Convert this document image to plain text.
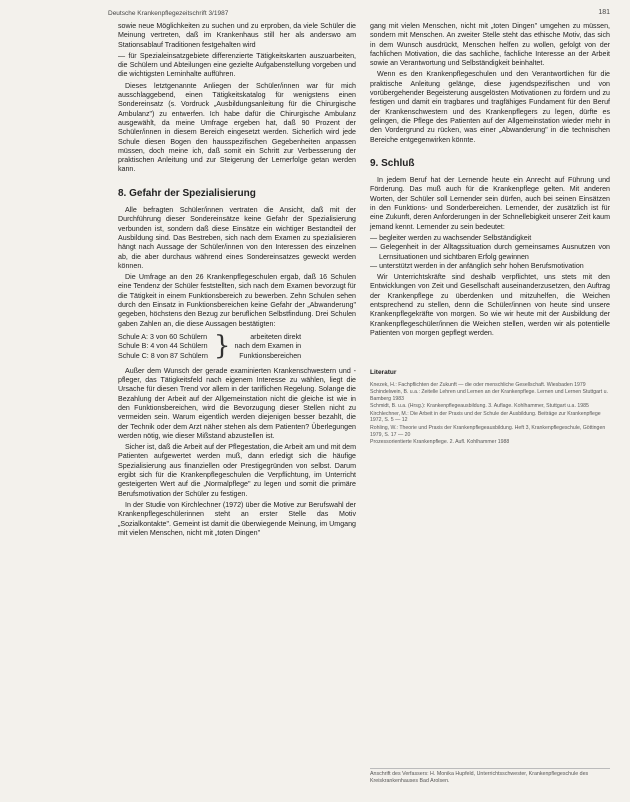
Deutsche Krankenpflegezeitschrift 3/1987	181

sowie neue Möglichkeiten zu suchen und zu erproben, da viele Schüler die Meinung vertreten, daß im Krankenhaus still her als anderswo am Stationsablauf Traditionen festgehalten wird

— für Spezialeinsatzgebiete differenzierte Tätigkeitskarten auszuarbeiten, die Schülern und Abteilungen eine gezielte Aufgabenstellung vorgeben und die wichtigsten Lerninhalte aufführen.

Dieses letztgenannte Anliegen der Schüler/innen war für mich ausschlaggebend, einen Tätigkeitskatalog für wenigstens einen Sondereinsatz (s. Vordruck „Ausbildungsanleitung für die Chirurgische Ambulanz") zu entwerfen. Ich habe dafür die Chirurgische Ambulanz ausgewählt, da meine Umfrage ergeben hat, daß 90 Prozent der Schüler/innen in diesem Bereich eingesetzt werden. Sicherlich wird jede Schule diesen Bogen den hausspezifischen Gegebenheiten anpassen müssen, doch meine ich, daß somit ein Schritt zur Verbesserung der praktischen Anleitung und zur Steigerung der Lernerfolge getan werden kann.

8. Gefahr der Spezialisierung

Alle befragten Schüler/innen vertraten die Ansicht, daß mit der Durchführung dieser Sondereinsätze keine Gefahr der Spezialisierung verbunden ist, sondern daß diese Einsätze ein wichtiger Bestandteil der Ausbildung sind. Das Bestreben, sich nach dem Examen zu spezialisieren hängt nach Aussage der Schüler/innen von den Interessen des einzelnen ab, die aber durchaus während eines Sondereinsatzes geweckt werden können.

Die Umfrage an den 26 Krankenpflegeschulen ergab, daß 16 Schulen eine Tendenz der Schüler feststellten, sich nach dem Examen bevorzugt für die Tätigkeit in einem Funktionsbereich zu bewerben. Zehn Schulen sehen durch den Einsatz in Funktionsbereichen keine Gefahr der „Abwanderung" gegeben, höchstens den Bezug zur beruflichen Selbstfindung. Drei Schulen gaben Zahlen an, die diese Aussagen bestätigten:

Schule A: 3 von 60 Schülern
Schule B: 4 von 44 Schülern
Schule C: 8 von 87 Schülern }	arbeiteten direkt
nach dem Examen in
Funktionsbereichen

Außer dem Wunsch der gerade examinierten Krankenschwestern und -pfleger, das Tätigkeitsfeld nach eigenem Interesse zu wählen, liegt die Ursache für diesen Trend vor allem in der tariflichen Regelung. Solange die Bezahlung der Arbeit auf der Allgemeinstation nicht die gleiche ist wie in den Funktionsbereichen, wird die Bevorzugung dieser Stellen nicht zu vermeiden sein. Warum eigentlich werden diejenigen besser bezahlt, die der Technik oder dem Arzt näher stehen als dem Patienten? Überlegungen werden nötig, wie dieser Mißstand abzustellen ist.

Sicher ist, daß die Arbeit auf der Pflegestation, die Arbeit am und mit dem Patienten aufgewertet werden muß, dann erledigt sich die häufige Spezialisierung aus finanziellen oder Prestigegründen von selbst. Darum ergibt sich für die Krankenpflegeschulen die Verpflichtung, im Unterricht gesteigerten Wert auf die „Normalpflege" zu legen und somit die primäre Berufsmotivation der Schüler zu festigen.

In der Studie von Kirchlechner (1972) über die Motive zur Berufswahl der Krankenpflegeschülerinnen steht an erster Stelle das Motiv „Sozialkontakte". Gemeint ist damit die überwiegende Meinung, im Umgang mit vielen Menschen, nicht mit „toten Dingen"

gang mit vielen Menschen, nicht mit „toten Dingen" umgehen zu müssen, sondern mit Menschen. An zweiter Stelle steht das ethische Motiv, das sich in dem Wunsch ausdrückt, Menschen helfen zu wollen, gefolgt von der fachlichen Motivation, die das sachliche, fachliche Interesse an der Arbeit sowie an Verantwortung und Selbständigkeit beinhaltet.

Wenn es den Krankenpflegeschulen und den Verantwortlichen für die praktische Anleitung gelänge, diese jugendspezifischen und von vorübergehender Begeisterung ausgelösten Motivationen zu fördern und zu festigen und damit ein tragbares und tragfähiges Fundament für den Beruf der Krankenschwestern und des Krankenpflegers zu legen, dürfte es gelingen, die Pflege des Patienten auf der Allgemeinstation wieder mehr in den Vordergrund zu rücken, was einer „Abwanderung" in die technischen Bereiche entgegenwirken könnte.

9. Schluß

In jedem Beruf hat der Lernende heute ein Anrecht auf Führung und Förderung. Das muß auch für die Krankenpflege gelten. Mit anderen Worten, der Schüler soll Lernender sein dürfen, auch bei seinen Einsätzen in den Funktions- und Sonderbereichen. Lernender, der zusätzlich ist für eine Zukunft, deren Anforderungen in der Schnellebigkeit unserer Zeit kaum jemand kennt. Lernender zu sein bedeutet:

— begleiter werden zu wachsender Selbständigkeit
— Gelegenheit in der Alltagssituation durch gemeinsames Ausnutzen von Lernsituationen und sichtbaren Erfolg gewinnen
— unterstützt werden in der anfänglich sehr hohen Berufsmotivation

Wir Unterrichtskräfte sind deshalb verpflichtet, uns stets mit den Entwicklungen von Zeit und Gesellschaft auseinanderzusetzen, den Auftrag der Krankenpflege zu überdenken und mitzuhelfen, die Weichen entsprechend zu stellen, denn die Schüler/innen von heute sind unsere Krankenpflegekräfte von morgen. So wie wir heute mit der Ausbildung der Krankenpflegeschüler/innen die Weichen stellen, werden wir als potentielle Patienten von morgen gepflegt werden.

Literatur
Knezek, H.: Fachpflichten der Zukunft — die oder menschliche Gesellschaft. Wiesbaden 1979
Schindelwein, B. u.a.: Zeitelle Lehren und Lernen an der Krankenpflege. Lernen und Lernen Stuttgart u. Bamberg 1983
Schmidt, B. u.a. (Hrsg.): Krankenpflegeausbildung. 3. Auflage. Kohlhammer, Stuttgart u.a. 1985
Kirchlechner, M.: Die Arbeit in der Praxis und der Schule der Ausbildung. Beiträge zur Krankenpflege 1972, S. 5 — 12
Rohling, W.: Theorie und Praxis der Krankenpflegeausbildung. Heft 3, Krankenpflegeschule, Göttingen 1979, S. 17 — 20
Prozessorientierte Krankenpflege. 2. Aufl. Kohlhammer 1988
Anschrift des Verfassers: H. Monika Hupfeld, Unterrichtsschwester, Krankenpflegeschule des Kreiskrankenhauses Bad Arolsen.
